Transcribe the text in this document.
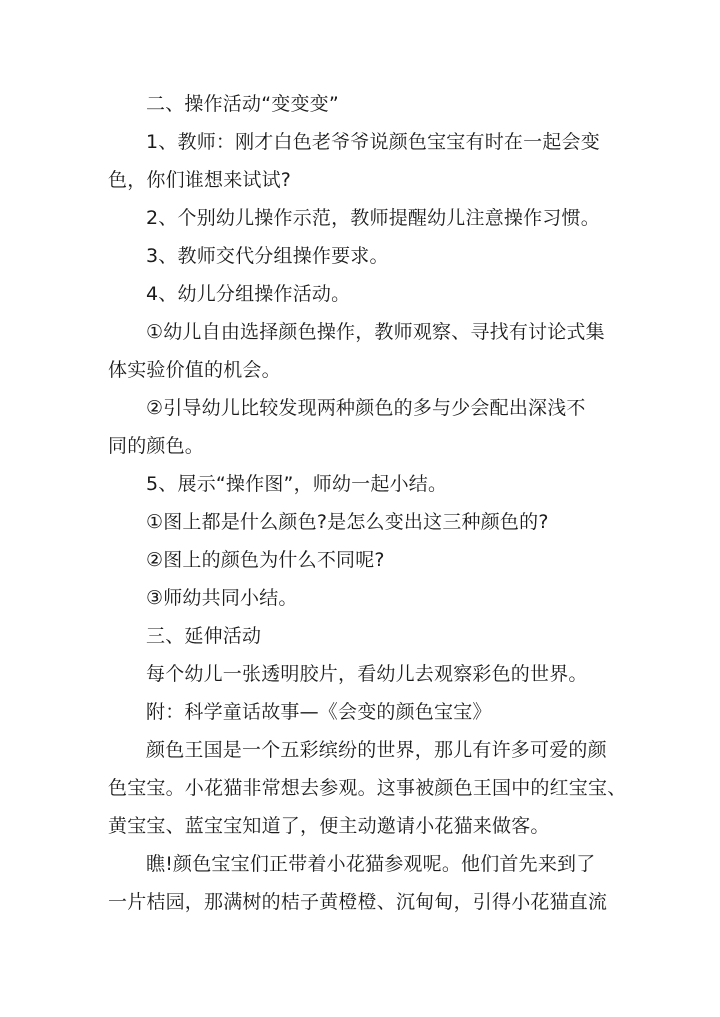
二、操作活动“变变变”
1、教师：刚才白色老爷爷说颜色宝宝有时在一起会变
色，你们谁想来试试?
2、个别幼儿操作示范，教师提醒幼儿注意操作习惯。
3、教师交代分组操作要求。
4、幼儿分组操作活动。
①幼儿自由选择颜色操作，教师观察、寻找有讨论式集
体实验价值的机会。
②引导幼儿比较发现两种颜色的多与少会配出深浅不
同的颜色。
5、展示“操作图”，师幼一起小结。
①图上都是什么颜色?是怎么变出这三种颜色的?
②图上的颜色为什么不同呢?
③师幼共同小结。
三、延伸活动
每个幼儿一张透明胶片，看幼儿去观察彩色的世界。
附：科学童话故事—《会变的颜色宝宝》
颜色王国是一个五彩缤纷的世界，那儿有许多可爱的颜
色宝宝。小花猫非常想去参观。这事被颜色王国中的红宝宝、
黄宝宝、蓝宝宝知道了，便主动邀请小花猫来做客。
瞧!颜色宝宝们正带着小花猫参观呢。他们首先来到了
一片桔园，那满树的桔子黄橙橙、沉甸甸，引得小花猫直流
